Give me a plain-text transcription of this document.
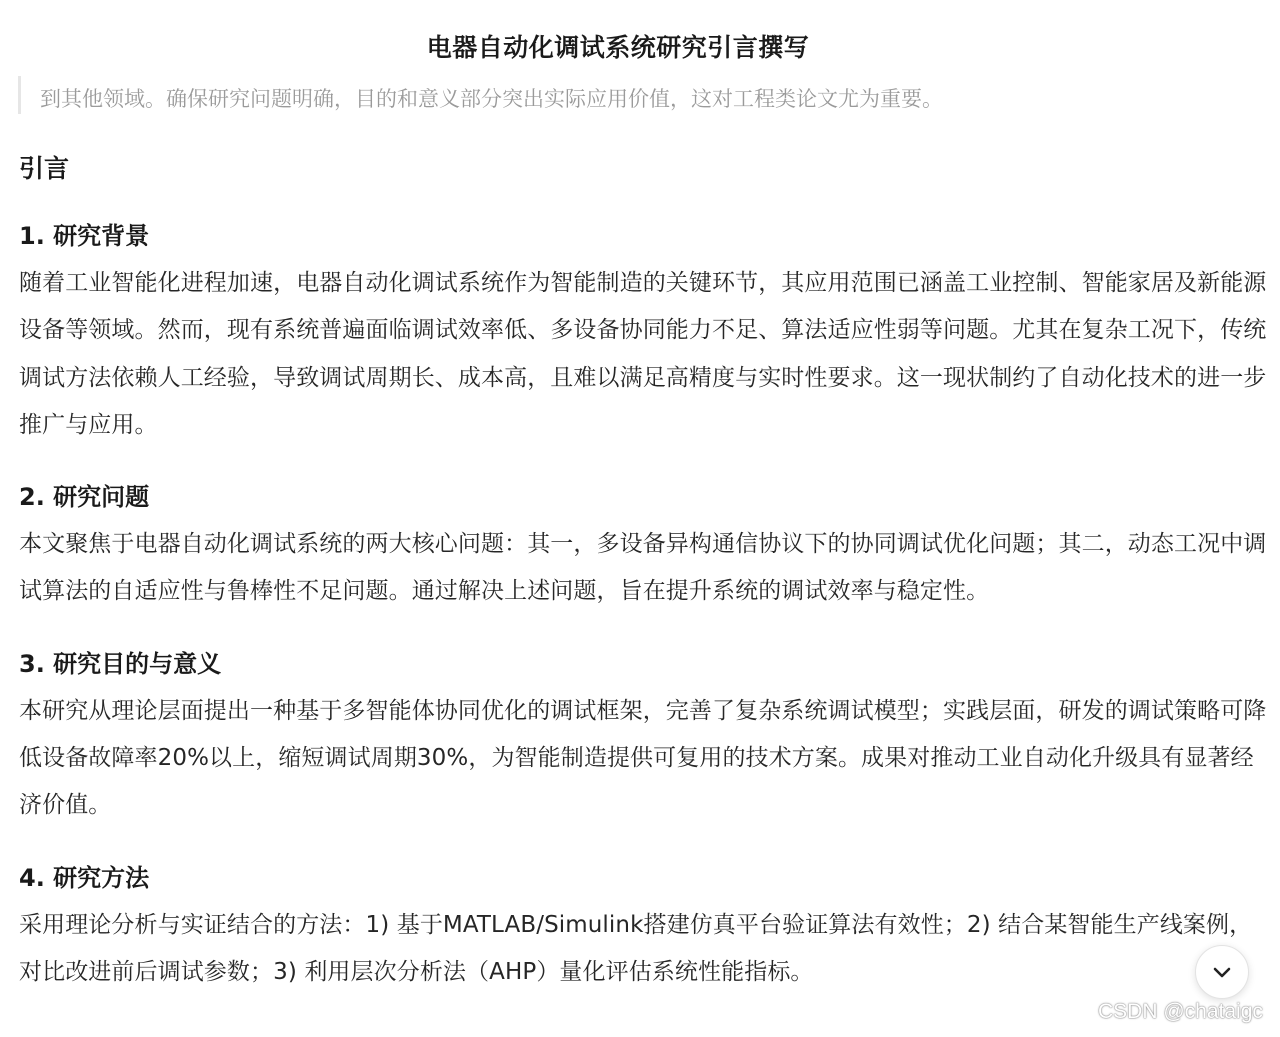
电器自动化调试系统研究引言撰写
到其他领域。确保研究问题明确，目的和意义部分突出实际应用价值，这对工程类论文尤为重要。
引言
1. 研究背景
随着工业智能化进程加速，电器自动化调试系统作为智能制造的关键环节，其应用范围已涵盖工业控制、智能家居及新能源设备等领域。然而，现有系统普遍面临调试效率低、多设备协同能力不足、算法适应性弱等问题。尤其在复杂工况下，传统调试方法依赖人工经验，导致调试周期长、成本高，且难以满足高精度与实时性要求。这一现状制约了自动化技术的进一步推广与应用。
2. 研究问题
本文聚焦于电器自动化调试系统的两大核心问题：其一，多设备异构通信协议下的协同调试优化问题；其二，动态工况中调试算法的自适应性与鲁棒性不足问题。通过解决上述问题，旨在提升系统的调试效率与稳定性。
3. 研究目的与意义
本研究从理论层面提出一种基于多智能体协同优化的调试框架，完善了复杂系统调试模型；实践层面，研发的调试策略可降低设备故障率20%以上，缩短调试周期30%，为智能制造提供可复用的技术方案。成果对推动工业自动化升级具有显著经济价值。
4. 研究方法
采用理论分析与实证结合的方法：1) 基于MATLAB/Simulink搭建仿真平台验证算法有效性；2) 结合某智能生产线案例，对比改进前后调试参数；3) 利用层次分析法（AHP）量化评估系统性能指标。
CSDN @chataigc
